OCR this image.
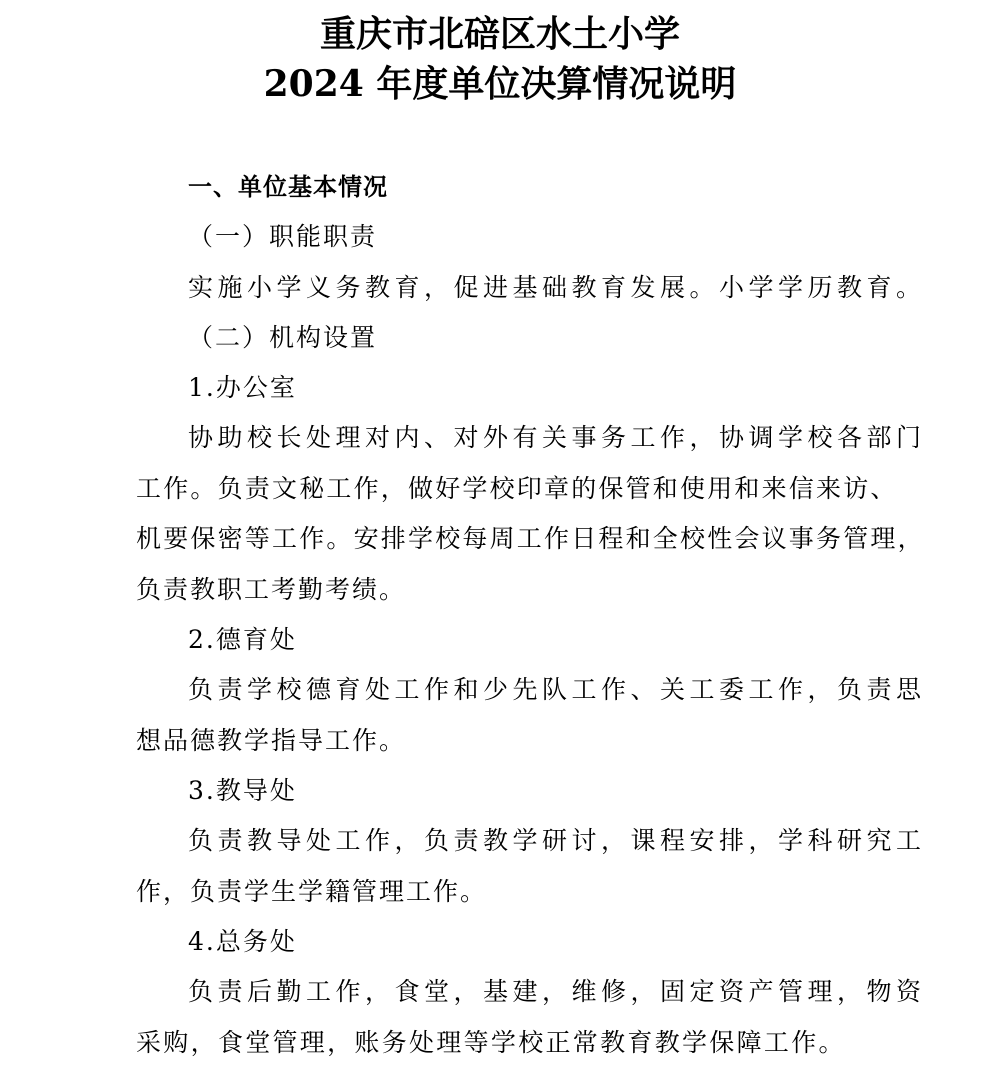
重庆市北碚区水土小学
2024 年度单位决算情况说明
一、单位基本情况
（一）职能职责
实施小学义务教育，促进基础教育发展。小学学历教育。
（二）机构设置
1.办公室
协助校长处理对内、对外有关事务工作，协调学校各部门
工作。负责文秘工作，做好学校印章的保管和使用和来信来访、
机要保密等工作。安排学校每周工作日程和全校性会议事务管理，
负责教职工考勤考绩。
2.德育处
负责学校德育处工作和少先队工作、关工委工作，负责思
想品德教学指导工作。
3.教导处
负责教导处工作，负责教学研讨，课程安排，学科研究工
作，负责学生学籍管理工作。
4.总务处
负责后勤工作，食堂，基建，维修，固定资产管理，物资
采购，食堂管理，账务处理等学校正常教育教学保障工作。
